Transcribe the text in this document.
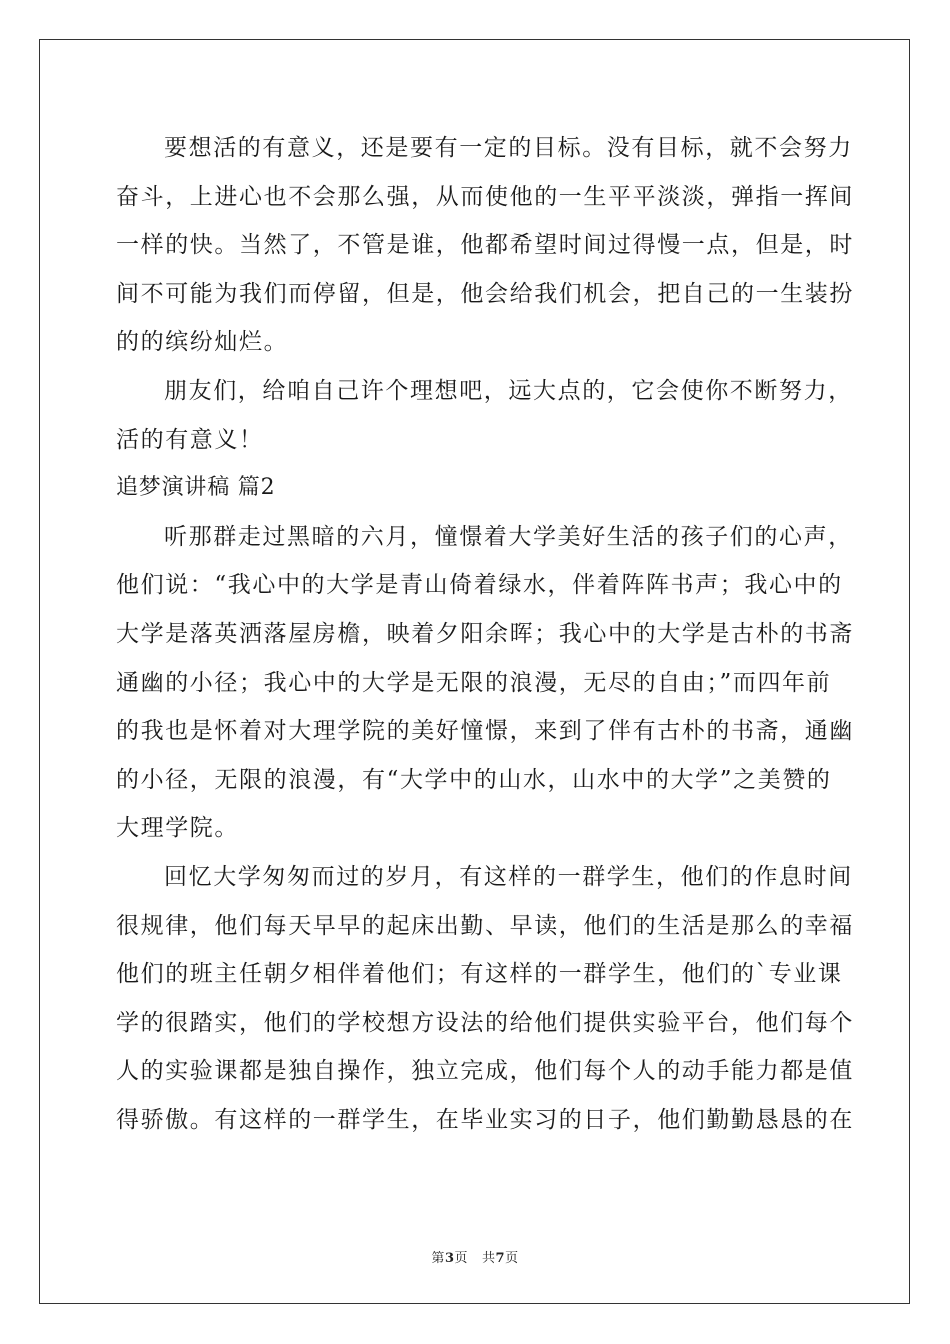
要想活的有意义，还是要有一定的目标。没有目标，就不会努力
奋斗，上进心也不会那么强，从而使他的一生平平淡淡，弹指一挥间
一样的快。当然了，不管是谁，他都希望时间过得慢一点，但是，时
间不可能为我们而停留，但是，他会给我们机会，把自己的一生装扮
的的缤纷灿烂。
朋友们，给咱自己许个理想吧，远大点的，它会使你不断努力，
活的有意义！
追梦演讲稿 篇2
听那群走过黑暗的六月，憧憬着大学美好生活的孩子们的心声，
他们说：“我心中的大学是青山倚着绿水，伴着阵阵书声；我心中的
大学是落英洒落屋房檐，映着夕阳余晖；我心中的大学是古朴的书斋
通幽的小径；我心中的大学是无限的浪漫，无尽的自由；”而四年前
的我也是怀着对大理学院的美好憧憬，来到了伴有古朴的书斋，通幽
的小径，无限的浪漫，有“大学中的山水，山水中的大学”之美赞的
大理学院。
回忆大学匆匆而过的岁月，有这样的一群学生，他们的作息时间
很规律，他们每天早早的起床出勤、早读，他们的生活是那么的幸福
他们的班主任朝夕相伴着他们；有这样的一群学生，他们的`专业课
学的很踏实，他们的学校想方设法的给他们提供实验平台，他们每个
人的实验课都是独自操作，独立完成，他们每个人的动手能力都是值
得骄傲。有这样的一群学生，在毕业实习的日子，他们勤勤恳恳的在
第3页 共7页
